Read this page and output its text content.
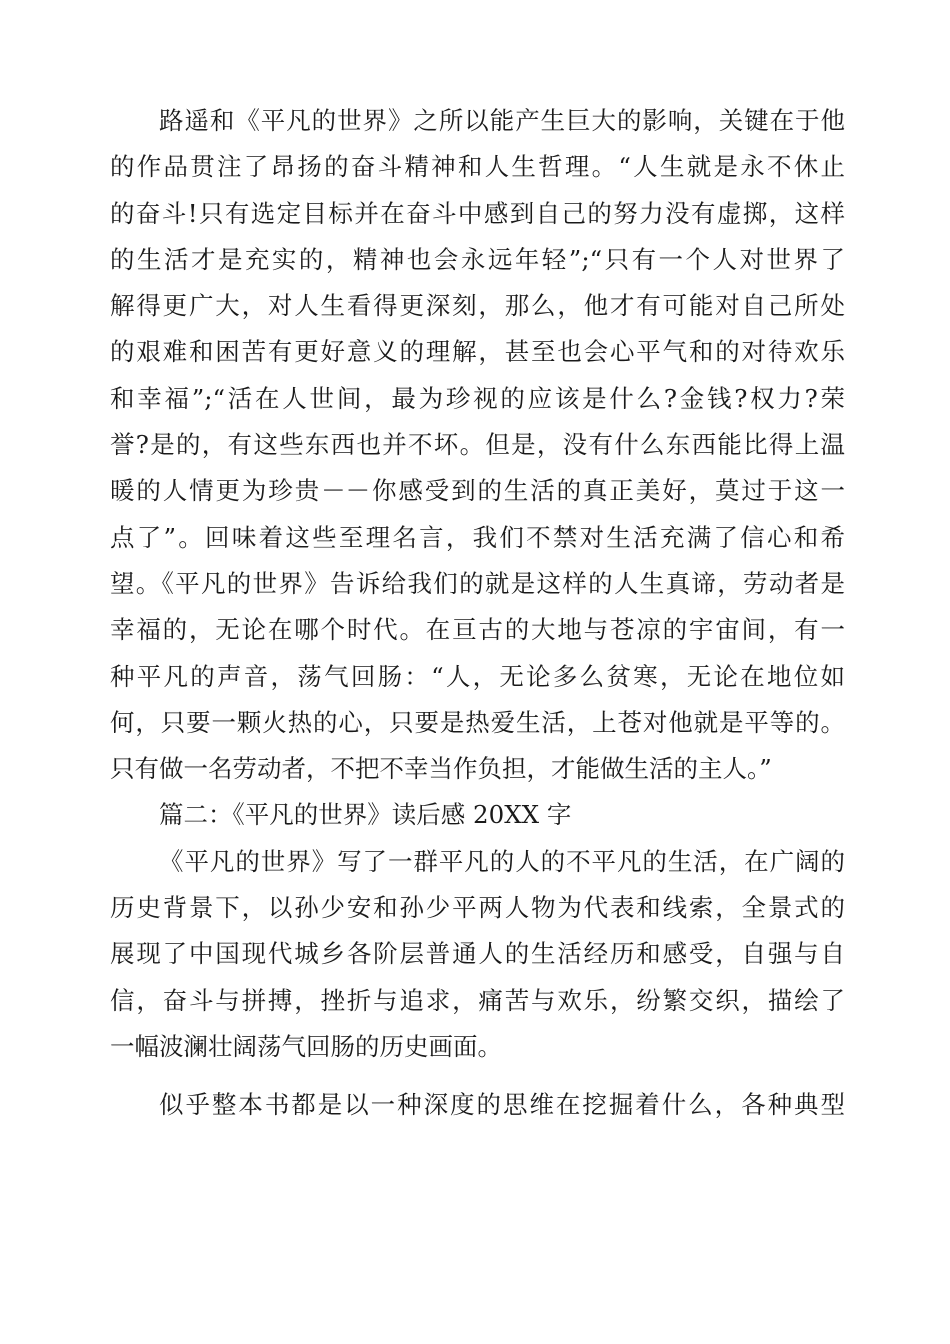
路遥和《平凡的世界》之所以能产生巨大的影响，关键在于他
的作品贯注了昂扬的奋斗精神和人生哲理。“人生就是永不休止
的奋斗!只有选定目标并在奋斗中感到自己的努力没有虚掷，这样
的生活才是充实的，精神也会永远年轻”;“只有一个人对世界了
解得更广大，对人生看得更深刻，那么，他才有可能对自己所处
的艰难和困苦有更好意义的理解，甚至也会心平气和的对待欢乐
和幸福”;“活在人世间，最为珍视的应该是什么?金钱?权力?荣
誉?是的，有这些东西也并不坏。但是，没有什么东西能比得上温
暖的人情更为珍贵－－你感受到的生活的真正美好，莫过于这一
点了”。回味着这些至理名言，我们不禁对生活充满了信心和希
望。《平凡的世界》告诉给我们的就是这样的人生真谛，劳动者是
幸福的，无论在哪个时代。在亘古的大地与苍凉的宇宙间，有一
种平凡的声音，荡气回肠：“人，无论多么贫寒，无论在地位如
何，只要一颗火热的心，只要是热爱生活，上苍对他就是平等的。
只有做一名劳动者，不把不幸当作负担，才能做生活的主人。”
篇二：《平凡的世界》读后感 20XX 字
《平凡的世界》写了一群平凡的人的不平凡的生活，在广阔的
历史背景下，以孙少安和孙少平两人物为代表和线索，全景式的
展现了中国现代城乡各阶层普通人的生活经历和感受，自强与自
信，奋斗与拼搏，挫折与追求，痛苦与欢乐，纷繁交织，描绘了
一幅波澜壮阔荡气回肠的历史画面。
似乎整本书都是以一种深度的思维在挖掘着什么，各种典型
